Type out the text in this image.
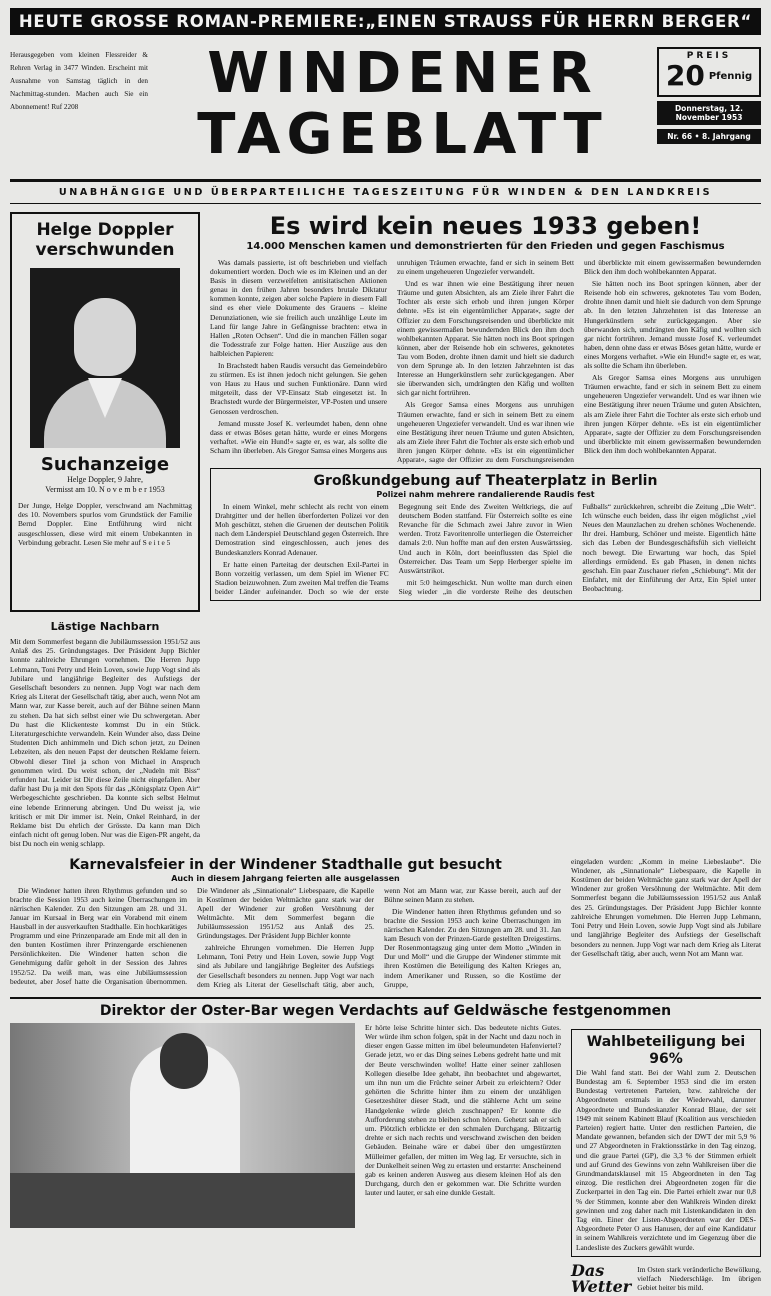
HEUTE GROSSE ROMAN-PREMIERE:„EINEN STRAUSS FÜR HERRN BERGER“
Herausgegeben vom kleinen Flessreider & Rehren Verlag in 3477 Winden. Erscheint mit Ausnahme von Samstag täglich in den Nachmittag-stunden. Machen auch Sie ein Abonnement! Ruf 2208
WINDENER
TAGEBLATT
PREIS
20 Pfennig
Donnerstag, 12. November 1953
Nr. 66 • 8. Jahrgang
UNABHÄNGIGE UND ÜBERPARTEILICHE TAGESZEITUNG FÜR WINDEN & DEN LANDKREIS
Helge Doppler verschwunden
Suchanzeige
Helge Doppler, 9 Jahre,
Vermisst am 10. N o v e m b e r 1953
Der Junge, Helge Doppler, verschwand am Nachmittag des 10. Novembers spurlos vom Grundstück der Familie Bernd Doppler. Eine Entführung wird nicht ausgeschlossen, diese wird mit einem Unbekannten in Verbindung gebracht. Lesen Sie mehr auf S e i t e 5
Lästige Nachbarn
Mit dem Sommerfest begann die Jubiläumssession 1951/52 aus Anlaß des 25. Gründungstages. Der Präsident Jupp Bichler konnte zahlreiche Ehrungen vornehmen. Die Herren Jupp Lehmann, Toni Petry und Hein Loven, sowie Jupp Vogt sind als Jubilare und langjährige Begleiter des Aufstiegs der Gesellschaft besonders zu nennen. Jupp Vogt war nach dem Krieg als Literat der Gesellschaft tätig, aber auch, wenn Not am Mann war, zur Kasse bereit, auch auf der Bühne seinen Mann zu stehen. Da hat sich selbst einer wie Du schwergetan. Aber Du hast die Klickenteste kommst Du in ein Stück. Literaturgeschichte verwandeln. Kein Wunder also, dass Deine Studenten Dich anhimmeln und Dich schon jetzt, zu Deinen Lebzeiten, als den neuen Papst der deutschen Reklame feiern. Obwohl dieser Titel ja schon von Michael in Anspruch genommen wird. Du weist schon, der „Nudeln mit Biss“ erfunden hat. Leider ist Dir diese Zeile nicht eingefallen. Aber dafür hast Du ja mit den Spots für das „Königsplatz Open Air“ Werbegeschichte geschrieben. Da konnte sich selbst Helmut eine lebende Erinnerung abringen. Und Du weisst ja, wie kritisch er mit Dir immer ist. Nein, Onkel Reinhard, in der Reklame bist Du ehrlich der Grösste. Da kann man Dich einfach nicht oft genug loben. Nur was die Eigen-PR angeht, da bist Du noch ein wenig schlapp.
Es wird kein neues 1933 geben!
14.000 Menschen kamen und demonstrierten für den Frieden und gegen Faschismus

Was damals passierte, ist oft beschrieben und vielfach dokumentiert worden. Doch wie es im Kleinen und an der Basis in diesem verzweifelten antisitatischen Aktionen genau in den frühen Jahren besonders brutale Diktatur kommen konnte, zeigen aber solche Papiere in diesem Fall sind es eher viele Dokumente des Grauens – kleine Denunziationen, wie sie freilich auch unzählige Leute im Land für lange Jahre in Gefängnisse brachten: etwa in Hallen „Roten Ochsen“. Und die in manchen Fällen sogar die Todesstrafe zur Folge hatten. Hier Auszüge aus den halbleichen Papieren:

In Brachstedt haben Raudis versucht das Gemeindebüro zu stürmen. Es ist ihnen jedoch nicht gelungen. Sie gehen von Haus zu Haus und suchen Funktionäre. Dann wird mitgeteilt, dass der VP-Einsatz Stab eingesetzt ist. In Brachstedt wurde der Bürgermeister, VP-Posten und unsere Genossen verdroschen.

Jemand musste Josef K. verleumdet haben, denn ohne dass er etwas Böses getan hätte, wurde er eines Morgens verhaftet. »Wie ein Hund!« sagte er, es war, als sollte die Scham ihn überleben. Als Gregor Samsa eines Morgens aus unruhigen Träumen erwachte, fand er sich in seinem Bett zu einem ungeheueren Ungeziefer verwandelt.

Und es war ihnen wie eine Bestätigung ihrer neuen Träume und guten Absichten, als am Ziele ihrer Fahrt die Tochter als erste sich erhob und ihren jungen Körper dehnte. »Es ist ein eigentümlicher Apparat«, sagte der Offizier zu dem Forschungsreisenden und überblickte mit einem gewissermaßen bewundernden Blick den ihm doch wohlbekannten Apparat. Sie hätten noch ins Boot springen können, aber der Reisende hob ein schweres, geknotetes Tau vom Boden, drohte ihnen damit und hielt sie dadurch von dem Sprunge ab. In den letzten Jahrzehnten ist das Interesse an Hungerkünstlern sehr zurückgegangen. Aber sie überwanden sich, umdrängten den Käfig und wollten sich gar nicht fortrühren.

Als Gregor Samsa eines Morgens aus unruhigen Träumen erwachte, fand er sich in seinem Bett zu einem ungeheueren Ungeziefer verwandelt. Und es war ihnen wie eine Bestätigung ihrer neuen Träume und guten Absichten, als am Ziele ihrer Fahrt die Tochter als erste sich erhob und ihren jungen Körper dehnte. »Es ist ein eigentümlicher Apparat«, sagte der Offizier zu dem Forschungsreisenden und überblickte mit einem gewissermaßen bewundernden Blick den ihm doch wohlbekannten Apparat.

Sie hätten noch ins Boot springen können, aber der Reisende hob ein schweres, geknotetes Tau vom Boden, drohte ihnen damit und hielt sie dadurch von dem Sprunge ab. In den letzten Jahrzehnten ist das Interesse an Hungerkünstlern sehr zurückgegangen. Aber sie überwanden sich, umdrängten den Käfig und wollten sich gar nicht fortrühren. Jemand musste Josef K. verleumdet haben, denn ohne dass er etwas Böses getan hätte, wurde er eines Morgens verhaftet. »Wie ein Hund!« sagte er, es war, als sollte die Scham ihn überleben.

Als Gregor Samsa eines Morgens aus unruhigen Träumen erwachte, fand er sich in seinem Bett zu einem ungeheueren Ungeziefer verwandelt. Und es war ihnen wie eine Bestätigung ihrer neuen Träume und guten Absichten, als am Ziele ihrer Fahrt die Tochter als erste sich erhob und ihren jungen Körper dehnte. »Es ist ein eigentümlicher Apparat«, sagte der Offizier zu dem Forschungsreisenden und überblickte mit einem gewissermaßen bewundernden Blick den ihm doch wohlbekannten Apparat.

Großkundgebung auf Theaterplatz in Berlin
Polizei nahm mehrere randalierende Raudis fest

In einem Winkel, mehr schlecht als recht von einem Drahtgitter und der hellen überforderten Polizei vor den Moh geschützt, stehen die Gruenen der deutschen Politik nach dem Länderspiel Deutschland gegen Österreich. Ihre Demostration sind eingeschlossen, auch jenes des Bundeskanzlers Konrad Adenauer.

Er hatte einen Parteitag der deutschen Exil-Partei in Bonn vorzeitig verlassen, um dem Spiel im Wiener FC Stadion beizuwohnen. Zum zweiten Mal treffen die Teams beider Länder aufeinander. Doch so wie der erste Begegnung seit Ende des Zweiten Weltkriegs, die auf deutschem Boden stattfand. Für Österreich sollte es eine Revanche für die Schmach zwei Jahre zuvor in Wien werden. Trotz Favoritenrolle unterliegen die Österreicher damals 2:0. Nun hoffte man auf den ersten Auswärtssieg. Und auch in Köln, dort beeinflussten das Spiel die Österreicher. Das Team um Sepp Herberger spielte im Auswärtstrikot.

mit 5:0 heimgeschickt. Nun wollte man durch einen Sieg wieder „in die vorderste Reihe des deutschen Fußballs“ zurückkehren, schreibt die Zeitung „Die Welt“. Ich wünsche euch beiden, dass ihr eigen möglichst „viel Neues den Maunzlachen zu drehen schönes Wochenende. Ihr drei. Hamburg, Schöner und meiste. Eigentlich hätte sich das Leben der Bundesgeschäftsfüh sich vielleicht noch bewegt. Die Erwartung war hoch, das Spiel allerdings ermüdend. Es gab Phasen, in denen nichts geschah. Ein paar Zuschauer riefen „Schiebung“. Mit der Einfahrt, mit der Einführung der Artz, Ein Spiel unter Beobachtung.

Karnevalsfeier in der Windener Stadthalle gut besucht
Auch in diesem Jahrgang feierten alle ausgelassen

Die Windener hatten ihren Rhythmus gefunden und so brachte die Session 1953 auch keine Überraschungen im närrischen Kalender. Zu den Sitzungen am 28. und 31. Januar im Kursaal in Berg war ein Vorabend mit einem Hausball in der ausverkauften Stadthalle. Ein hochkarätiges Programm und eine Prinzenparade am Ende mit all den in den bunten Kostümen ihrer Prinzengarde erschienenen Persönlichkeiten. Die Windener hatten schon die Genehmigung dafür geholt in der Session des Jahres 1952/52. Da weiß man, was eine Jubiläumssession bedeutet, aber Josef hatte die Organisation übernommen. Die Windener als „Sinnationale“ Liebespaare, die Kapelle in Kostümen der beiden Weltmächte ganz stark war der Apell der Windener zur großen Versöhnung der Weltmächte. Mit dem Sommerfest begann die Jubiläumssession 1951/52 aus Anlaß des 25. Gründungstages. Der Präsident Jupp Bichler konnte

zahlreiche Ehrungen vornehmen. Die Herren Jupp Lehmann, Toni Petry und Hein Loven, sowie Jupp Vogt sind als Jubilare und langjährige Begleiter des Aufstiegs der Gesellschaft besonders zu nennen. Jupp Vogt war nach dem Krieg als Literat der Gesellschaft tätig, aber auch, wenn Not am Mann war, zur Kasse bereit, auch auf der Bühne seinen Mann zu stehen.

Die Windener hatten ihren Rhythmus gefunden und so brachte die Session 1953 auch keine Überraschungen im närrischen Kalender. Zu den Sitzungen am 28. und 31. Jan kam Besuch von der Prinzen-Garde gestellten Dreigestirns. Der Rosenmontagszug ging unter dem Motto „Winden in Dur und Moll“ und die Gruppe der Windener stimmte mit ihren Kostümen die Beteiligung des Kalten Krieges an, indem Amerikaner und Russen, so die Kostüme der Gruppe,

eingeladen wurden: „Komm in meine Liebeslaube“. Die Windener, als „Sinnationale“ Liebespaare, die Kapelle in Kostümen der beiden Weltmächte ganz stark war der Apell der Windener zur großen Versöhnung der Weltmächte. Mit dem Sommerfest begann die Jubiläumssession 1951/52 aus Anlaß des 25. Gründungstages. Der Präsident Jupp Bichler konnte zahlreiche Ehrungen vornehmen. Die Herren Jupp Lehmann, Toni Petry und Hein Loven, sowie Jupp Vogt sind als Jubilare und langjährige Begleiter des Aufstiegs der Gesellschaft besonders zu nennen. Jupp Vogt war nach dem Krieg als Literat der Gesellschaft tätig, aber auch, wenn Not am Mann war.
Direktor der Oster-Bar wegen Verdachts auf Geldwäsche festgenommen
Er hörte leise Schritte hinter sich. Das bedeutete nichts Gutes. Wer würde ihm schon folgen, spät in der Nacht und dazu noch in dieser engen Gasse mitten im übel beleumundeten Hafenviertel? Gerade jetzt, wo er das Ding seines Lebens gedreht hatte und mit der Beute verschwinden wollte! Hatte einer seiner zahllosen Kollegen dieselbe Idee gehabt, ihn beobachtet und abgewartet, um ihn nun um die Früchte seiner Arbeit zu erleichtern? Oder gehörten die Schritte hinter ihm zu einem der unzähligen Gesetzeshüter dieser Stadt, und die stählerne Acht um seine Handgelenke würde gleich zuschnappen? Er konnte die Aufforderung stehen zu bleiben schon hören. Gehetzt sah er sich um. Plötzlich erblickte er den schmalen Durchgang. Blitzartig drehte er sich nach rechts und verschwand zwischen den beiden Gebäuden. Beinahe wäre er dabei über den umgestürzten Mülleimer gefallen, der mitten im Weg lag. Er versuchte, sich in der Dunkelheit seinen Weg zu ertasten und erstarrte: Anscheinend gab es keinen anderen Ausweg aus diesem kleinen Hof als den Durchgang, durch den er gekommen war. Die Schritte wurden lauter und lauter, er sah eine dunkle Gestalt.
Wahlbeteiligung bei 96%
Die Wahl fand statt. Bei der Wahl zum 2. Deutschen Bundestag am 6. September 1953 sind die im ersten Bundestag vertretenen Parteien, bzw. zahlreiche der Abgeordneten erstmals in der Wiederwahl, darunter Abgeordnete und Bundeskanzler Konrad Blaue, der seit 1949 mit seinem Kabinett Blauf (Koalition aus verschieden Parteien) regiert hatte. Unter den restlichen Parteien, die Mandate gewannen, befanden sich der DWT der mit 5,9 % und 27 Abgeordneten in Fraktionsstärke in den Tag einzog, und die graue Partei (GP), die 3,3 % der Stimmen erhielt und auf Grund des Gewinns von zehn Wahlkreisen über die Grundmandatsklausel mit 15 Abgeordneten in den Tag einzog. Die restlichen drei Abgeordneten zogen für die Zuckerpartei in den Tag ein. Die Partei erhielt zwar nur 0,8 % der Stimmen, konnte aber den Wahlkreis Winden direkt gewinnen und zog daher nach mit Listenkandidaten in den Tag ein. Einer der Listen-Abgeordneten war der DES-Abgeordnete Peter O aus Hanusen, der auf eine Kandidatur in seinem Wahlkreis verzichtete und im Gegenzug über die Landesliste des Zuckers gewählt wurde.
Das
Wetter
Im Osten stark veränderliche Bewölkung, vielfach Niederschläge. Im übrigen Gebiet heiter bis mild.
